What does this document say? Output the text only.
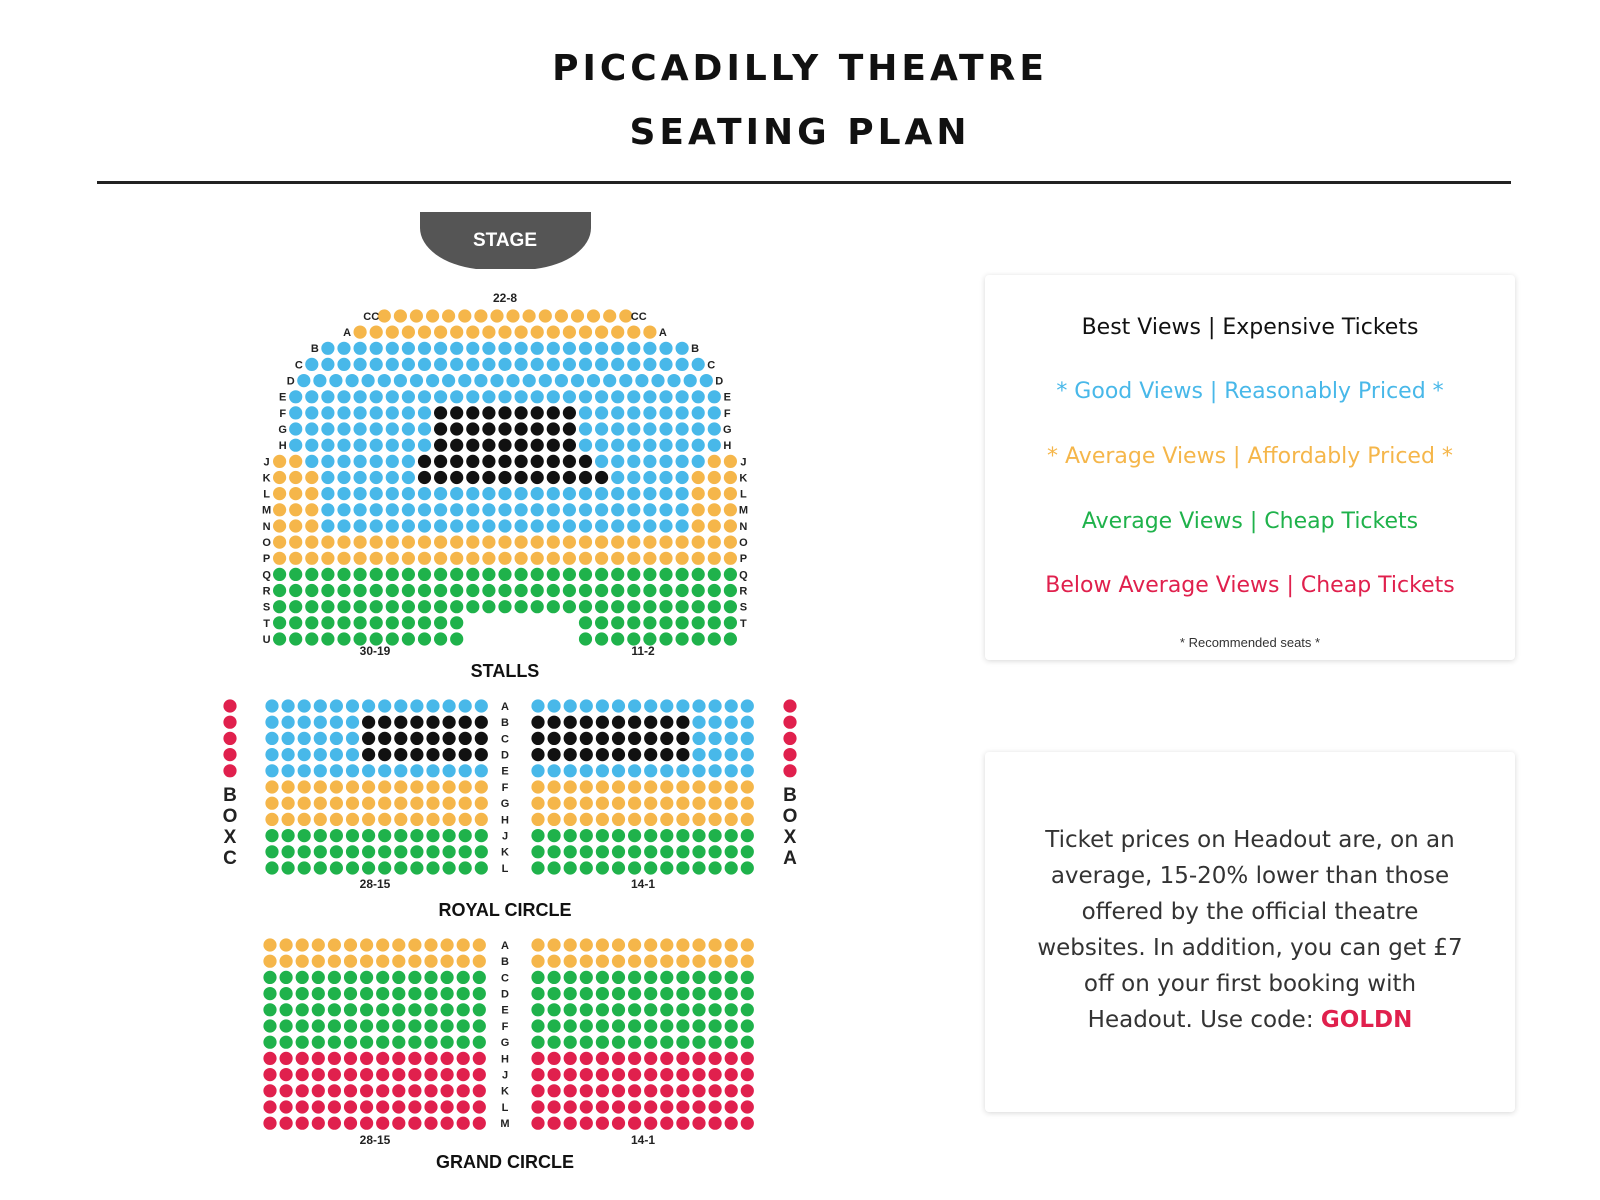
PICCADILLY THEATRE
SEATING PLAN
STAGE
CC	CC
A	A
B	B
C	C
D	D
E	E
F	F
G	G
H	H
J	J
K	K
L	L
M	M
N	N
O	O
P	P
Q	Q
R	R
S	S
T	T
U
A
B
C
D
E
F
G
H
J
K
L
B
O
X
C
B
O
X
A
A
B
C
D
E
F
G
H
J
K
L
M
22-8
30-19	11-2
STALLS
28-15	14-1
ROYAL CIRCLE
28-15	14-1
GRAND CIRCLE
Best Views | Expensive Tickets
* Good Views | Reasonably Priced *
* Average Views | Affordably Priced *
Average Views | Cheap Tickets
Below Average Views | Cheap Tickets
* Recommended seats *
Ticket prices on Headout are, on an average, 15-20% lower than those offered by the official theatre websites. In addition, you can get £7 off on your first booking with Headout. Use code: GOLDN
